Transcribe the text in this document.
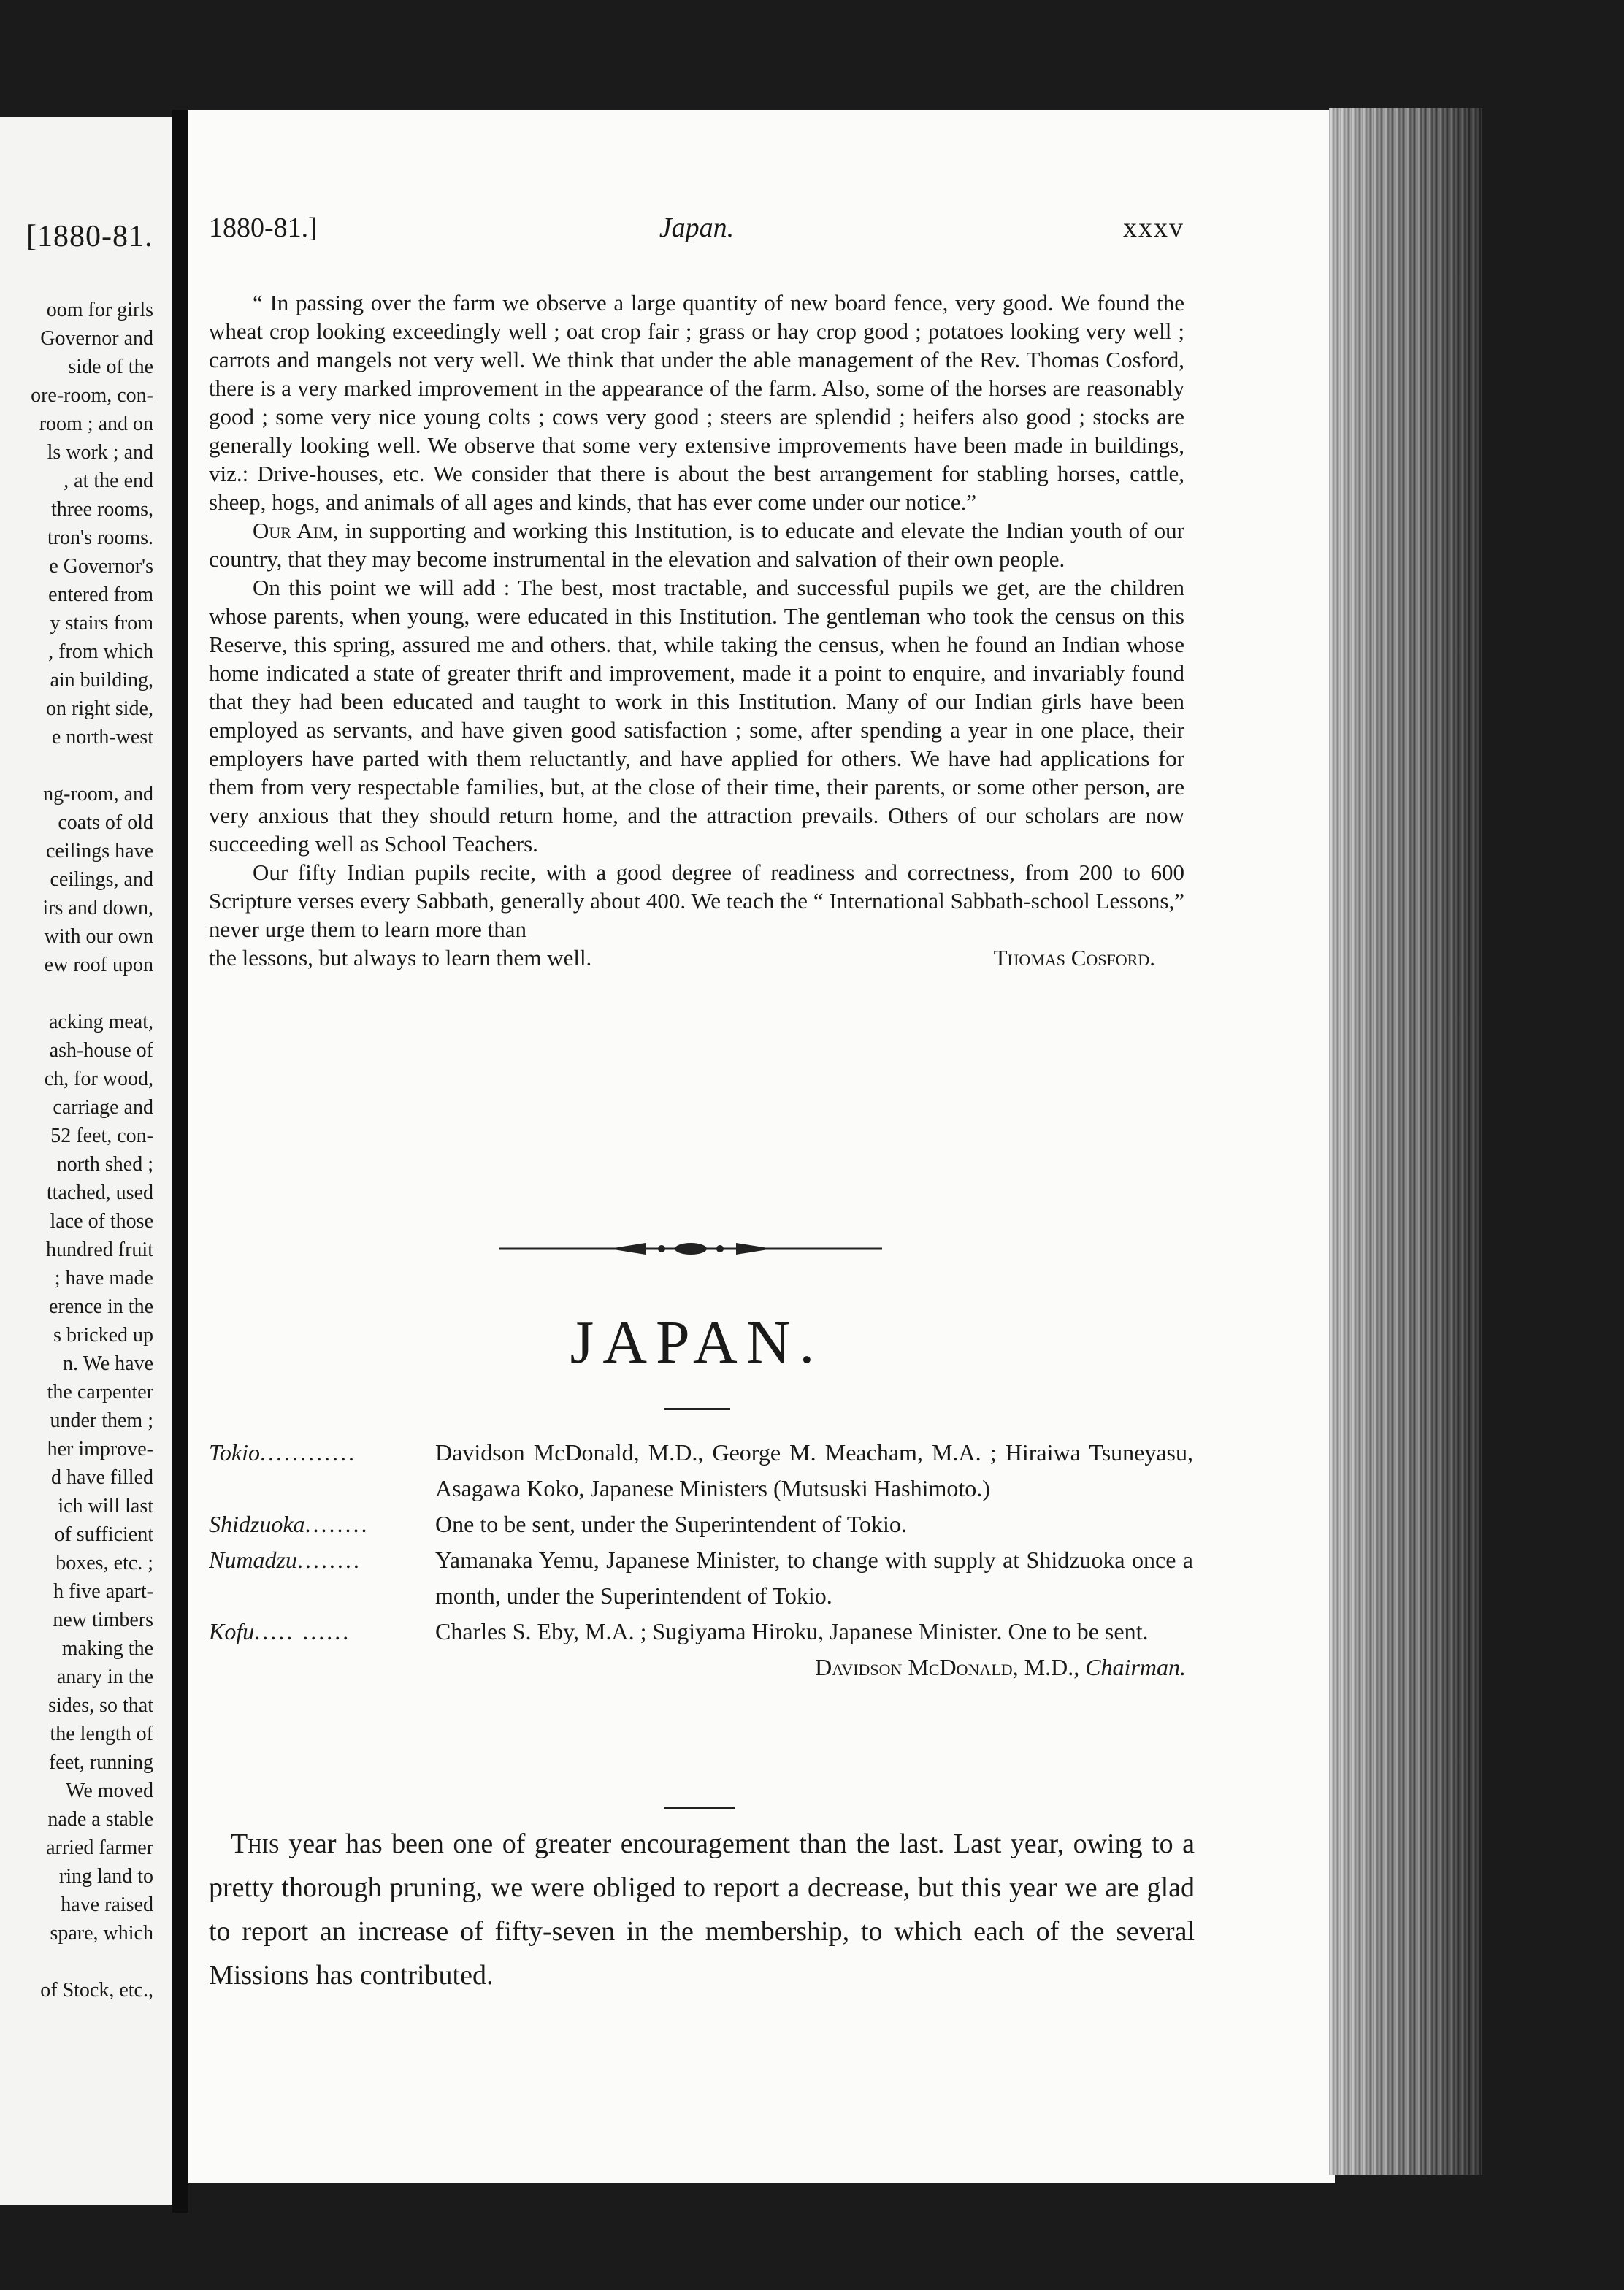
[1880-81.
oom for girls
Governor and
side of the
ore-room, con-
room ; and on
ls work ; and
, at the end
three rooms,
tron's rooms.
e Governor's
entered from
y stairs from
, from which
ain building,
on right side,
e north-west

ng-room, and
coats of old
ceilings have
ceilings, and
irs and down,
with our own
ew roof upon

acking meat,
ash-house of
ch, for wood,
carriage and
52 feet, con-
north shed ;
ttached, used
lace of those
hundred fruit
; have made
erence in the
s bricked up
n. We have
the carpenter
under them ;
her improve-
d have filled
ich will last
of sufficient
boxes, etc. ;
h five apart-
new timbers
making the
anary in the
sides, so that
the length of
feet, running
We moved
nade a stable
arried farmer
ring land to
have raised
spare, which

of Stock, etc.,
1880-81.]	Japan.	xxxv

“ In passing over the farm we observe a large quantity of new board fence, very good. We found the wheat crop looking exceedingly well ; oat crop fair ; grass or hay crop good ; potatoes looking very well ; carrots and mangels not very well. We think that under the able management of the Rev. Thomas Cosford, there is a very marked improvement in the appearance of the farm. Also, some of the horses are reasonably good ; some very nice young colts ; cows very good ; steers are splendid ; heifers also good ; stocks are generally looking well. We observe that some very extensive improvements have been made in buildings, viz.: Drive-houses, etc. We consider that there is about the best arrangement for stabling horses, cattle, sheep, hogs, and animals of all ages and kinds, that has ever come under our notice.”

Our Aim, in supporting and working this Institution, is to educate and elevate the Indian youth of our country, that they may become instrumental in the elevation and salvation of their own people.

On this point we will add : The best, most tractable, and successful pupils we get, are the children whose parents, when young, were educated in this Institution. The gentleman who took the census on this Reserve, this spring, assured me and others. that, while taking the census, when he found an Indian whose home indicated a state of greater thrift and improvement, made it a point to enquire, and invariably found that they had been educated and taught to work in this Institution. Many of our Indian girls have been employed as servants, and have given good satisfaction ; some, after spending a year in one place, their employers have parted with them reluctantly, and have applied for others. We have had applications for them from very respectable families, but, at the close of their time, their parents, or some other person, are very anxious that they should return home, and the attraction prevails. Others of our scholars are now succeeding well as School Teachers.

Our fifty Indian pupils recite, with a good degree of readiness and correctness, from 200 to 600 Scripture verses every Sabbath, generally about 400. We teach the “ International Sabbath-school Lessons,” never urge them to learn more than

the lessons, but always to learn them well.	Thomas Cosford.
JAPAN.
Tokio............	Davidson McDonald, M.D., George M. Meacham, M.A. ; Hiraiwa Tsuneyasu, Asagawa Koko, Japanese Ministers (Mutsuski Hashimoto.)
Shidzuoka........	One to be sent, under the Superintendent of Tokio.
Numadzu........	Yamanaka Yemu, Japanese Minister, to change with supply at Shidzuoka once a month, under the Superintendent of Tokio.
Kofu..... ......	Charles S. Eby, M.A. ; Sugiyama Hiroku, Japanese Minister. One to be sent.
Davidson McDonald, M.D., Chairman.

This year has been one of greater encouragement than the last. Last year, owing to a pretty thorough pruning, we were obliged to report a decrease, but this year we are glad to report an increase of fifty-seven in the membership, to which each of the several Missions has contributed.
